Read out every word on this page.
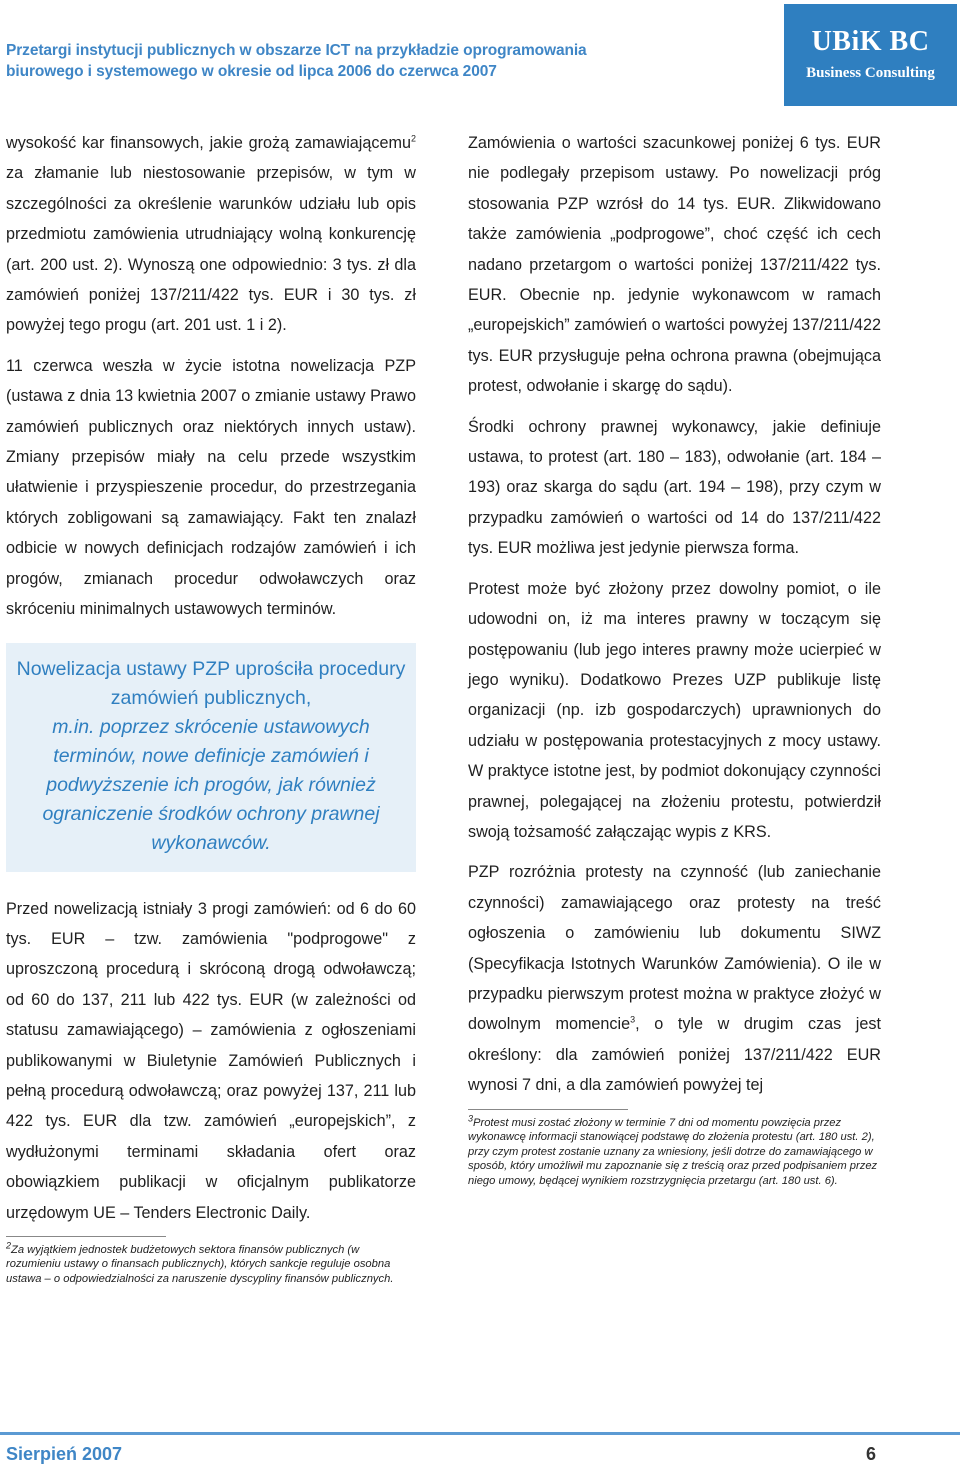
Przetargi instytucji publicznych w obszarze ICT na przykładzie oprogramowania
biurowego i systemowego w okresie od lipca 2006 do czerwca 2007
UBiK BC
Business Consulting

wysokość kar finansowych, jakie grożą zamawiającemu$^2$ za złamanie lub niestosowanie przepisów, w tym w szczególności za określenie warunków udziału lub opis przedmiotu zamówienia utrudniający wolną konkurencję (art. 200 ust. 2). Wynoszą one odpowiednio: 3 tys. zł dla zamówień poniżej 137/211/422 tys. EUR i 30 tys. zł powyżej tego progu (art. 201 ust. 1 i 2).

11 czerwca weszła w życie istotna nowelizacja PZP (ustawa z dnia 13 kwietnia 2007 o zmianie ustawy Prawo zamówień publicznych oraz niektórych innych ustaw). Zmiany przepisów miały na celu przede wszystkim ułatwienie i przyspieszenie procedur, do przestrzegania których zobligowani są zamawiający. Fakt ten znalazł odbicie w nowych definicjach rodzajów zamówień i ich progów, zmianach procedur odwoławczych oraz skróceniu minimalnych ustawowych terminów.

Nowelizacja ustawy PZP uprościła procedury zamówień publicznych,
m.in. poprzez skrócenie ustawowych terminów, nowe definicje zamówień i podwyższenie ich progów, jak również ograniczenie środków ochrony prawnej wykonawców.

Przed nowelizacją istniały 3 progi zamówień: od 6 do 60 tys. EUR – tzw. zamówienia "podprogowe" z uproszczoną procedurą i skróconą drogą odwoławczą; od 60 do 137, 211 lub 422 tys. EUR (w zależności od statusu zamawiającego) – zamówienia z ogłoszeniami publikowanymi w Biuletynie Zamówień Publicznych i pełną procedurą odwoławczą; oraz powyżej 137, 211 lub 422 tys. EUR dla tzw. zamówień „europejskich”, z wydłużonymi terminami składania ofert oraz obowiązkiem publikacji w oficjalnym publikatorze urzędowym UE – Tenders Electronic Daily.

$^2$Za wyjątkiem jednostek budżetowych sektora finansów publicznych (w rozumieniu ustawy o finansach publicznych), których sankcje reguluje osobna ustawa – o odpowiedzialności za naruszenie dyscypliny finansów publicznych.

Zamówienia o wartości szacunkowej poniżej 6 tys. EUR nie podlegały przepisom ustawy. Po nowelizacji próg stosowania PZP wzrósł do 14 tys. EUR. Zlikwidowano także zamówienia „podprogowe”, choć część ich cech nadano przetargom o wartości poniżej 137/211/422 tys. EUR. Obecnie np. jedynie wykonawcom w ramach „europejskich” zamówień o wartości powyżej 137/211/422 tys. EUR przysługuje pełna ochrona prawna (obejmująca protest, odwołanie i skargę do sądu).

Środki ochrony prawnej wykonawcy, jakie definiuje ustawa, to protest (art. 180 – 183), odwołanie (art. 184 – 193) oraz skarga do sądu (art. 194 – 198), przy czym w przypadku zamówień o wartości od 14 do 137/211/422 tys. EUR możliwa jest jedynie pierwsza forma.

Protest może być złożony przez dowolny pomiot, o ile udowodni on, iż ma interes prawny w toczącym się postępowaniu (lub jego interes prawny może ucierpieć w jego wyniku). Dodatkowo Prezes UZP publikuje listę organizacji (np. izb gospodarczych) uprawnionych do udziału w postępowania protestacyjnych z mocy ustawy. W praktyce istotne jest, by podmiot dokonujący czynności prawnej, polegającej na złożeniu protestu, potwierdził swoją tożsamość załączając wypis z KRS.

PZP rozróżnia protesty na czynność (lub zaniechanie czynności) zamawiającego oraz protesty na treść ogłoszenia o zamówieniu lub dokumentu SIWZ (Specyfikacja Istotnych Warunków Zamówienia). O ile w przypadku pierwszym protest można w praktyce złożyć w dowolnym momencie$^3$, o tyle w drugim czas jest określony: dla zamówień poniżej 137/211/422 EUR wynosi 7 dni, a dla zamówień powyżej tej

$^3$Protest musi zostać złożony w terminie 7 dni od momentu powzięcia przez wykonawcę informacji stanowiącej podstawę do złożenia protestu (art. 180 ust. 2), przy czym protest zostanie uznany za wniesiony, jeśli dotrze do zamawiającego w sposób, który umożliwił mu zapoznanie się z treścią oraz przed podpisaniem przez niego umowy, będącej wynikiem rozstrzygnięcia przetargu (art. 180 ust. 6).

Sierpień 2007	6
